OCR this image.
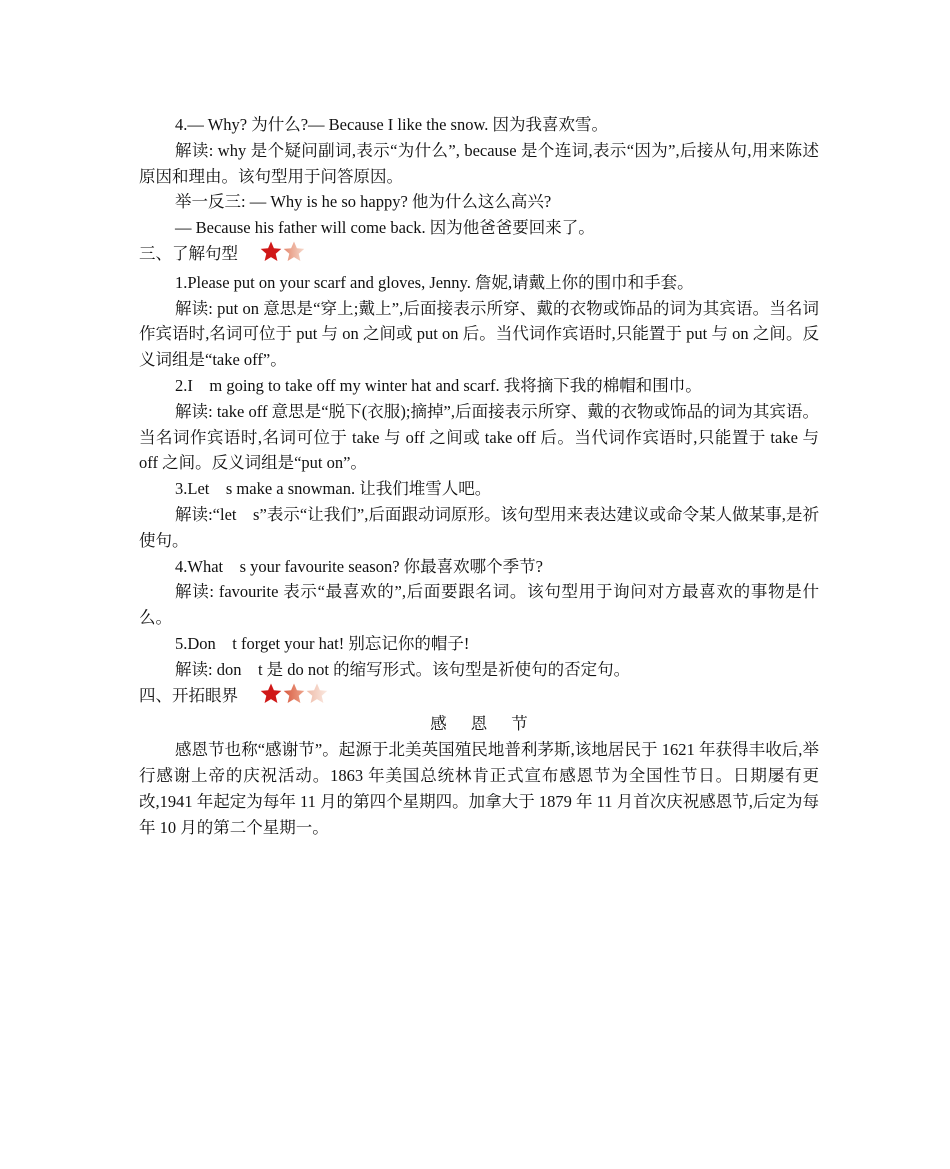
4.— Why? 为什么?— Because I like the snow. 因为我喜欢雪。

解读: why 是个疑问副词,表示“为什么”, because 是个连词,表示“因为”,后接从句,用来陈述原因和理由。该句型用于问答原因。

举一反三: — Why is he so happy? 他为什么这么高兴?

— Because his father will come back. 因为他爸爸要回来了。

三、了解句型

1.Please put on your scarf and gloves, Jenny. 詹妮,请戴上你的围巾和手套。

解读: put on 意思是“穿上;戴上”,后面接表示所穿、戴的衣物或饰品的词为其宾语。当名词作宾语时,名词可位于 put 与 on 之间或 put on 后。当代词作宾语时,只能置于 put 与 on 之间。反义词组是“take off”。

2.I　m going to take off my winter hat and scarf. 我将摘下我的棉帽和围巾。

解读: take off 意思是“脱下(衣服);摘掉”,后面接表示所穿、戴的衣物或饰品的词为其宾语。当名词作宾语时,名词可位于 take 与 off 之间或 take off 后。当代词作宾语时,只能置于 take 与 off 之间。反义词组是“put on”。

3.Let　s make a snowman. 让我们堆雪人吧。

解读:“let　s”表示“让我们”,后面跟动词原形。该句型用来表达建议或命令某人做某事,是祈使句。

4.What　s your favourite season? 你最喜欢哪个季节?

解读: favourite 表示“最喜欢的”,后面要跟名词。该句型用于询问对方最喜欢的事物是什么。

5.Don　t forget your hat! 别忘记你的帽子!

解读: don　t 是 do not 的缩写形式。该句型是祈使句的否定句。

四、开拓眼界

感 恩 节

感恩节也称“感谢节”。起源于北美英国殖民地普利茅斯,该地居民于 1621 年获得丰收后,举行感谢上帝的庆祝活动。1863 年美国总统林肯正式宣布感恩节为全国性节日。日期屡有更改,1941 年起定为每年 11 月的第四个星期四。加拿大于 1879 年 11 月首次庆祝感恩节,后定为每年 10 月的第二个星期一。
